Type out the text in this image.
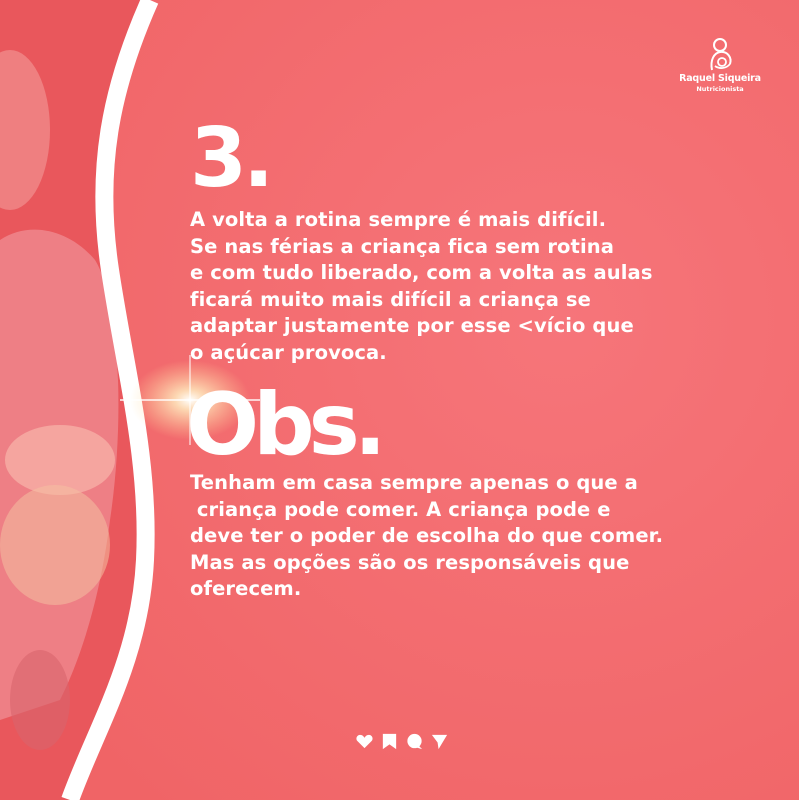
Raquel Siqueira
Nutricionista
3.

A volta a rotina sempre é mais difícil.
Se nas férias a criança fica sem rotina
e com tudo liberado, com a volta as aulas
ficará muito mais difícil a criança se
adaptar justamente por esse <vício que
o açúcar provoca.

Obs.

Tenham em casa sempre apenas o que a
criança pode comer. A criança pode e
deve ter o poder de escolha do que comer.
Mas as opções são os responsáveis que
oferecem.
